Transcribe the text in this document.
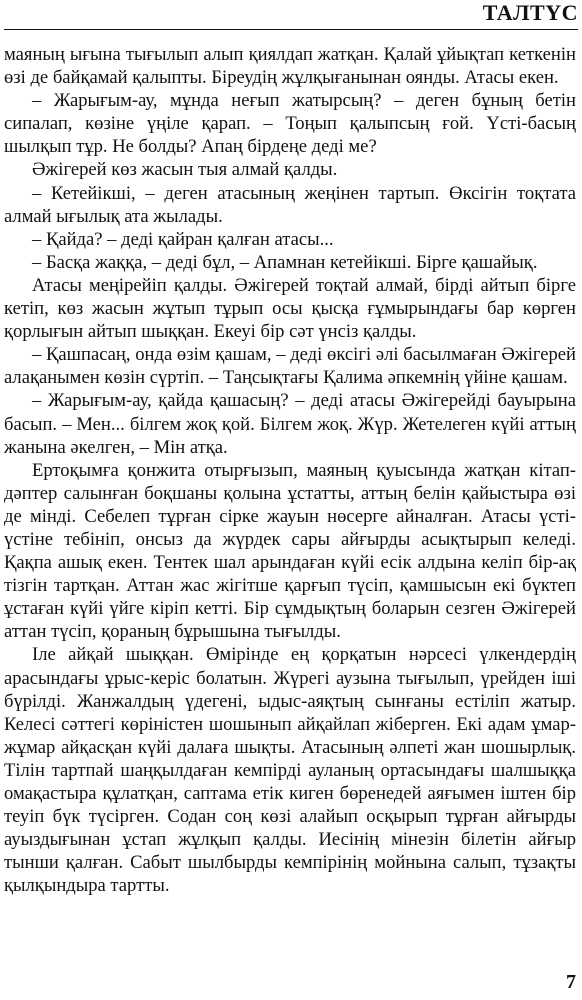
ТАЛТҮС

маяның ығына тығылып алып қиялдап жатқан. Қалай ұйықтап кеткенін өзі де байқамай қалыпты. Біреудің жұлқығанынан оянды. Атасы екен.

– Жарығым-ау, мұнда неғып жатырсың? – деген бұның бетін сипалап, көзіне үңіле қарап. – Тоңып қалыпсың ғой. Үсті-басың шылқып тұр. Не болды? Апаң бірдеңе деді ме?

Әжігерей көз жасын тыя алмай қалды.

– Кетейікші, – деген атасының жеңінен тартып. Өксігін тоқтата алмай ығылық ата жылады.

– Қайда? – деді қайран қалған атасы...

– Басқа жаққа, – деді бұл, – Апамнан кетейікші. Бірге қашайық.

Атасы меңірейіп қалды. Әжігерей тоқтай алмай, бірді айтып бірге кетіп, көз жасын жұтып тұрып осы қысқа ғұмырындағы бар көрген қорлығын айтып шыққан. Екеуі бір сәт үнсіз қалды.

– Қашпасаң, онда өзім қашам, – деді өксігі әлі басылмаған Әжігерей алақанымен көзін сүртіп. – Таңсықтағы Қалима әпкемнің үйіне қашам.

– Жарығым-ау, қайда қашасың? – деді атасы Әжігерейді бауырына басып. – Мен... білгем жоқ қой. Білгем жоқ. Жүр. Жетелеген күйі аттың жанына әкелген, – Мін атқа.

Ертоқымға қонжита отырғызып, маяның қуысында жатқан кітап-дәптер салынған боқшаны қолына ұстатты, аттың белін қайыстыра өзі де мінді. Себелеп тұрған сірке жауын нөсерге айналған. Атасы үсті-үстіне тебініп, онсыз да жүрдек сары айғырды асықтырып келеді. Қақпа ашық екен. Тентек шал арындаған күйі есік алдына келіп бір-ақ тізгін тартқан. Аттан жас жігітше қарғып түсіп, қамшысын екі бүктеп ұстаған күйі үйге кіріп кетті. Бір сұмдықтың боларын сезген Әжігерей аттан түсіп, қораның бұрышына тығылды.

Іле айқай шыққан. Өмірінде ең қорқатын нәрсесі үлкендердің арасындағы ұрыс-керіс болатын. Жүрегі аузына тығылып, үрейден іші бүрілді. Жанжалдың үдегені, ыдыс-аяқтың сынғаны естіліп жатыр. Келесі сәттегі көріністен шошынып айқайлап жіберген. Екі адам ұмар-жұмар айқасқан күйі далаға шықты. Атасының әлпеті жан шошырлық. Тілін тартпай шаңқылдаған кемпірді ауланың ортасындағы шалшыққа омақастыра құлатқан, саптама етік киген бөренедей аяғымен іштен бір теуіп бүк түсірген. Содан соң көзі алайып осқырып тұрған айғырды ауыздығынан ұстап жұлқып қалды. Иесінің мінезін білетін айғыр тынши қалған. Сабыт шылбырды кемпірінің мойнына салып, тұзақты қылқындыра тартты.

7
